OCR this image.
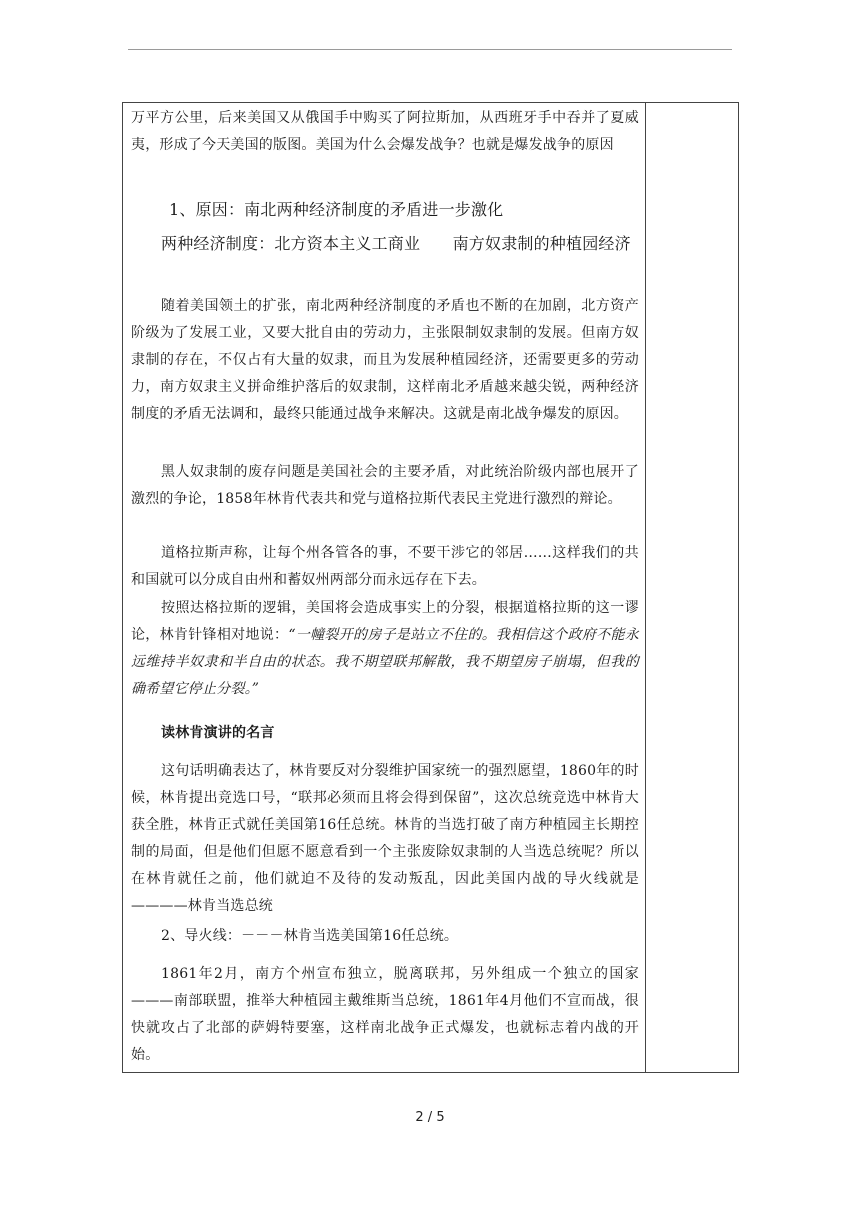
万平方公里，后来美国又从俄国手中购买了阿拉斯加，从西班牙手中吞并了夏威夷，形成了今天美国的版图。美国为什么会爆发战争？也就是爆发战争的原因

1、原因：南北两种经济制度的矛盾进一步激化

两种经济制度：北方资本主义工商业　　南方奴隶制的种植园经济

随着美国领土的扩张，南北两种经济制度的矛盾也不断的在加剧，北方资产阶级为了发展工业，又要大批自由的劳动力，主张限制奴隶制的发展。但南方奴隶制的存在，不仅占有大量的奴隶，而且为发展种植园经济，还需要更多的劳动力，南方奴隶主义拼命维护落后的奴隶制，这样南北矛盾越来越尖锐，两种经济制度的矛盾无法调和，最终只能通过战争来解决。这就是南北战争爆发的原因。

黑人奴隶制的废存问题是美国社会的主要矛盾，对此统治阶级内部也展开了激烈的争论，1858年林肯代表共和党与道格拉斯代表民主党进行激烈的辩论。

道格拉斯声称，让每个州各管各的事，不要干涉它的邻居……这样我们的共和国就可以分成自由州和蓄奴州两部分而永远存在下去。

按照达格拉斯的逻辑，美国将会造成事实上的分裂，根据道格拉斯的这一谬论，林肯针锋相对地说：“一幢裂开的房子是站立不住的。我相信这个政府不能永远维持半奴隶和半自由的状态。我不期望联邦解散，我不期望房子崩塌，但我的确希望它停止分裂。”

读林肯演讲的名言

这句话明确表达了，林肯要反对分裂维护国家统一的强烈愿望，1860年的时候，林肯提出竞选口号，“联邦必须而且将会得到保留”，这次总统竞选中林肯大获全胜，林肯正式就任美国第16任总统。林肯的当选打破了南方种植园主长期控制的局面，但是他们但愿不愿意看到一个主张废除奴隶制的人当选总统呢？所以在林肯就任之前，他们就迫不及待的发动叛乱，因此美国内战的导火线就是————林肯当选总统

2、导火线：－－－林肯当选美国第16任总统。

1861年2月，南方个州宣布独立，脱离联邦，另外组成一个独立的国家———南部联盟，推举大种植园主戴维斯当总统，1861年4月他们不宣而战，很快就攻占了北部的萨姆特要塞，这样南北战争正式爆发，也就标志着内战的开始。

2 / 5
